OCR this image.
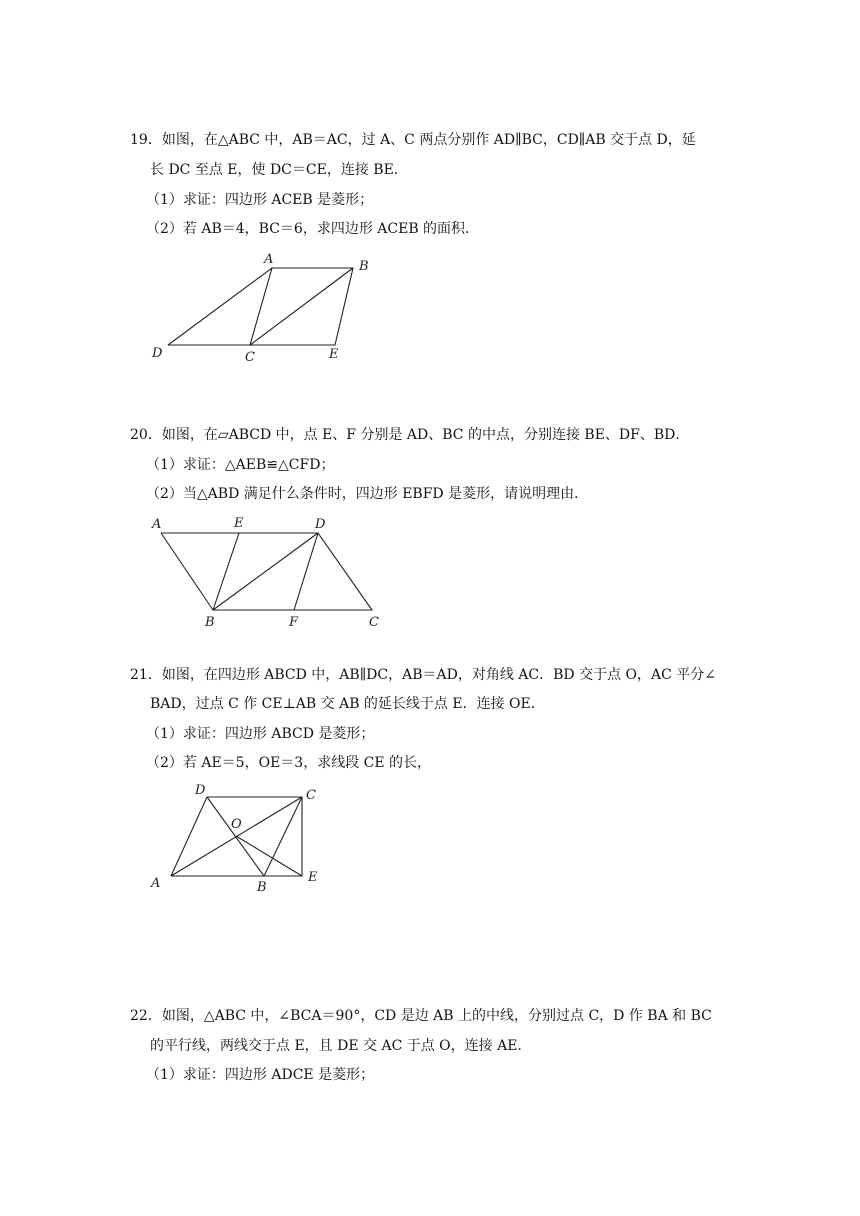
19．如图，在△ABC 中，AB＝AC，过 A、C 两点分别作 AD∥BC，CD∥AB 交于点 D，延
长 DC 至点 E，使 DC＝CE，连接 BE．
（1）求证：四边形 ACEB 是菱形；
（2）若 AB＝4，BC＝6，求四边形 ACEB 的面积．
A	B
D	C	E
20．如图，在▱ABCD 中，点 E、F 分别是 AD、BC 的中点，分别连接 BE、DF、BD．
（1）求证：△AEB≌△CFD；
（2）当△ABD 满足什么条件时，四边形 EBFD 是菱形，请说明理由．
A	E	D
B	F	C
21．如图，在四边形 ABCD 中，AB∥DC，AB＝AD，对角线 AC．BD 交于点 O，AC 平分∠
BAD，过点 C 作 CE⊥AB 交 AB 的延长线于点 E．连接 OE．
（1）求证：四边形 ABCD 是菱形；
（2）若 AE＝5，OE＝3，求线段 CE 的长，
D	C
O
A	B
E
22．如图，△ABC 中，∠BCA＝90°，CD 是边 AB 上的中线，分别过点 C，D 作 BA 和 BC
的平行线，两线交于点 E，且 DE 交 AC 于点 O，连接 AE．
（1）求证：四边形 ADCE 是菱形；
